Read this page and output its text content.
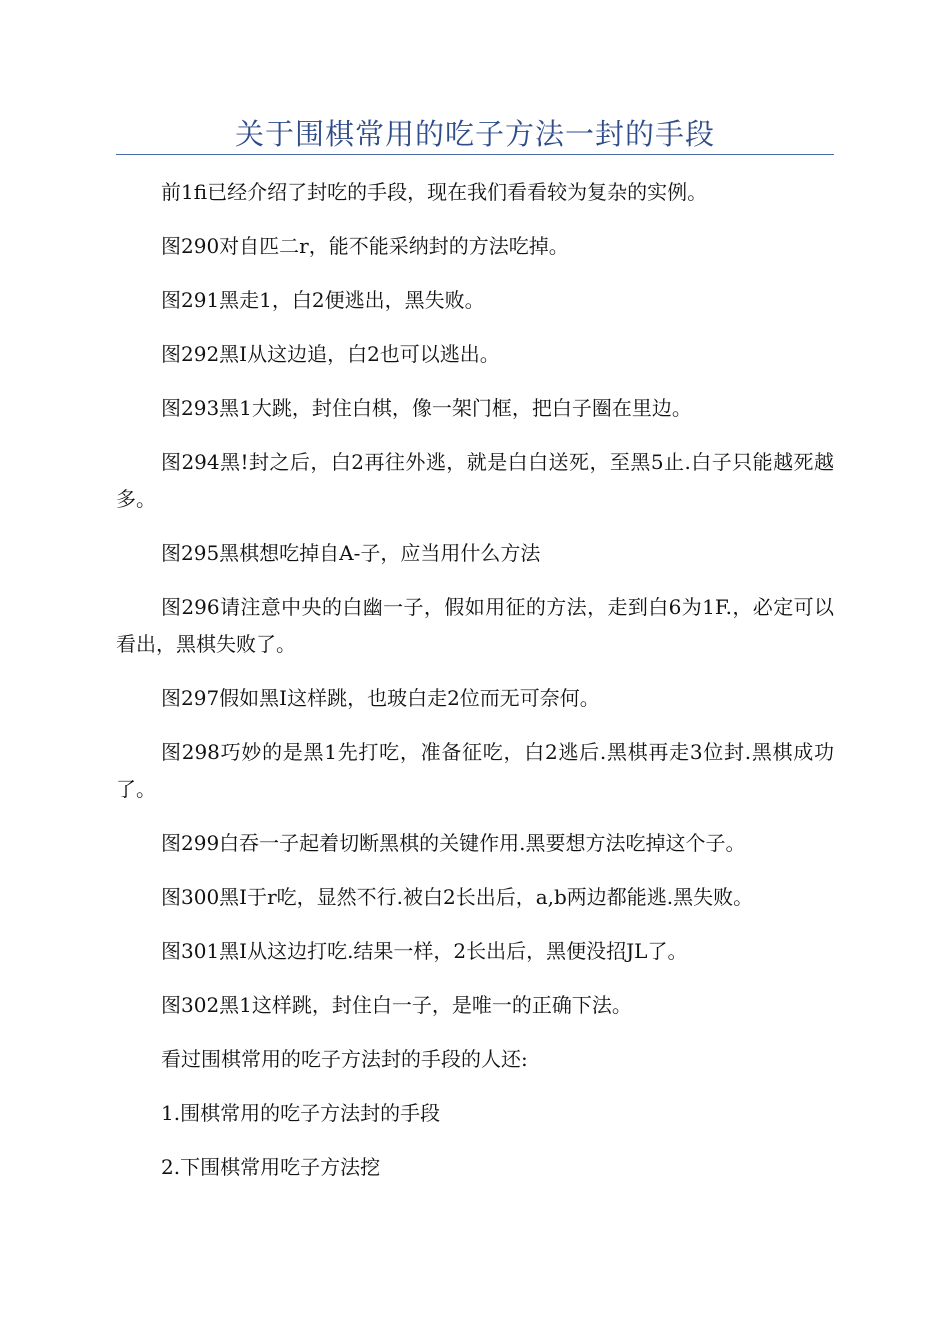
关于围棋常用的吃子方法一封的手段

前1fi已经介绍了封吃的手段，现在我们看看较为复杂的实例。

图290对自匹二r，能不能采纳封的方法吃掉。

图291黑走1，白2便逃出，黑失败。

图292黑I从这边追，白2也可以逃出。

图293黑1大跳，封住白棋，像一架门框，把白子圈在里边。

图294黑!封之后，白2再往外逃，就是白白送死，至黑5止.白子只能越死越多。

图295黑棋想吃掉自A-子，应当用什么方法

图296请注意中央的白幽一子，假如用征的方法，走到白6为1F.，必定可以看出，黑棋失败了。

图297假如黑I这样跳，也玻白走2位而无可奈何。

图298巧妙的是黑1先打吃，准备征吃，白2逃后.黑棋再走3位封.黑棋成功了。

图299白吞一子起着切断黑棋的关键作用.黑要想方法吃掉这个子。

图300黑I于r吃，显然不行.被白2长出后，a,b两边都能逃.黑失败。

图301黑I从这边打吃.结果一样，2长出后，黑便没招JL了。

图302黑1这样跳，封住白一子，是唯一的正确下法。

看过围棋常用的吃子方法封的手段的人还:

1.围棋常用的吃子方法封的手段

2.下围棋常用吃子方法挖
